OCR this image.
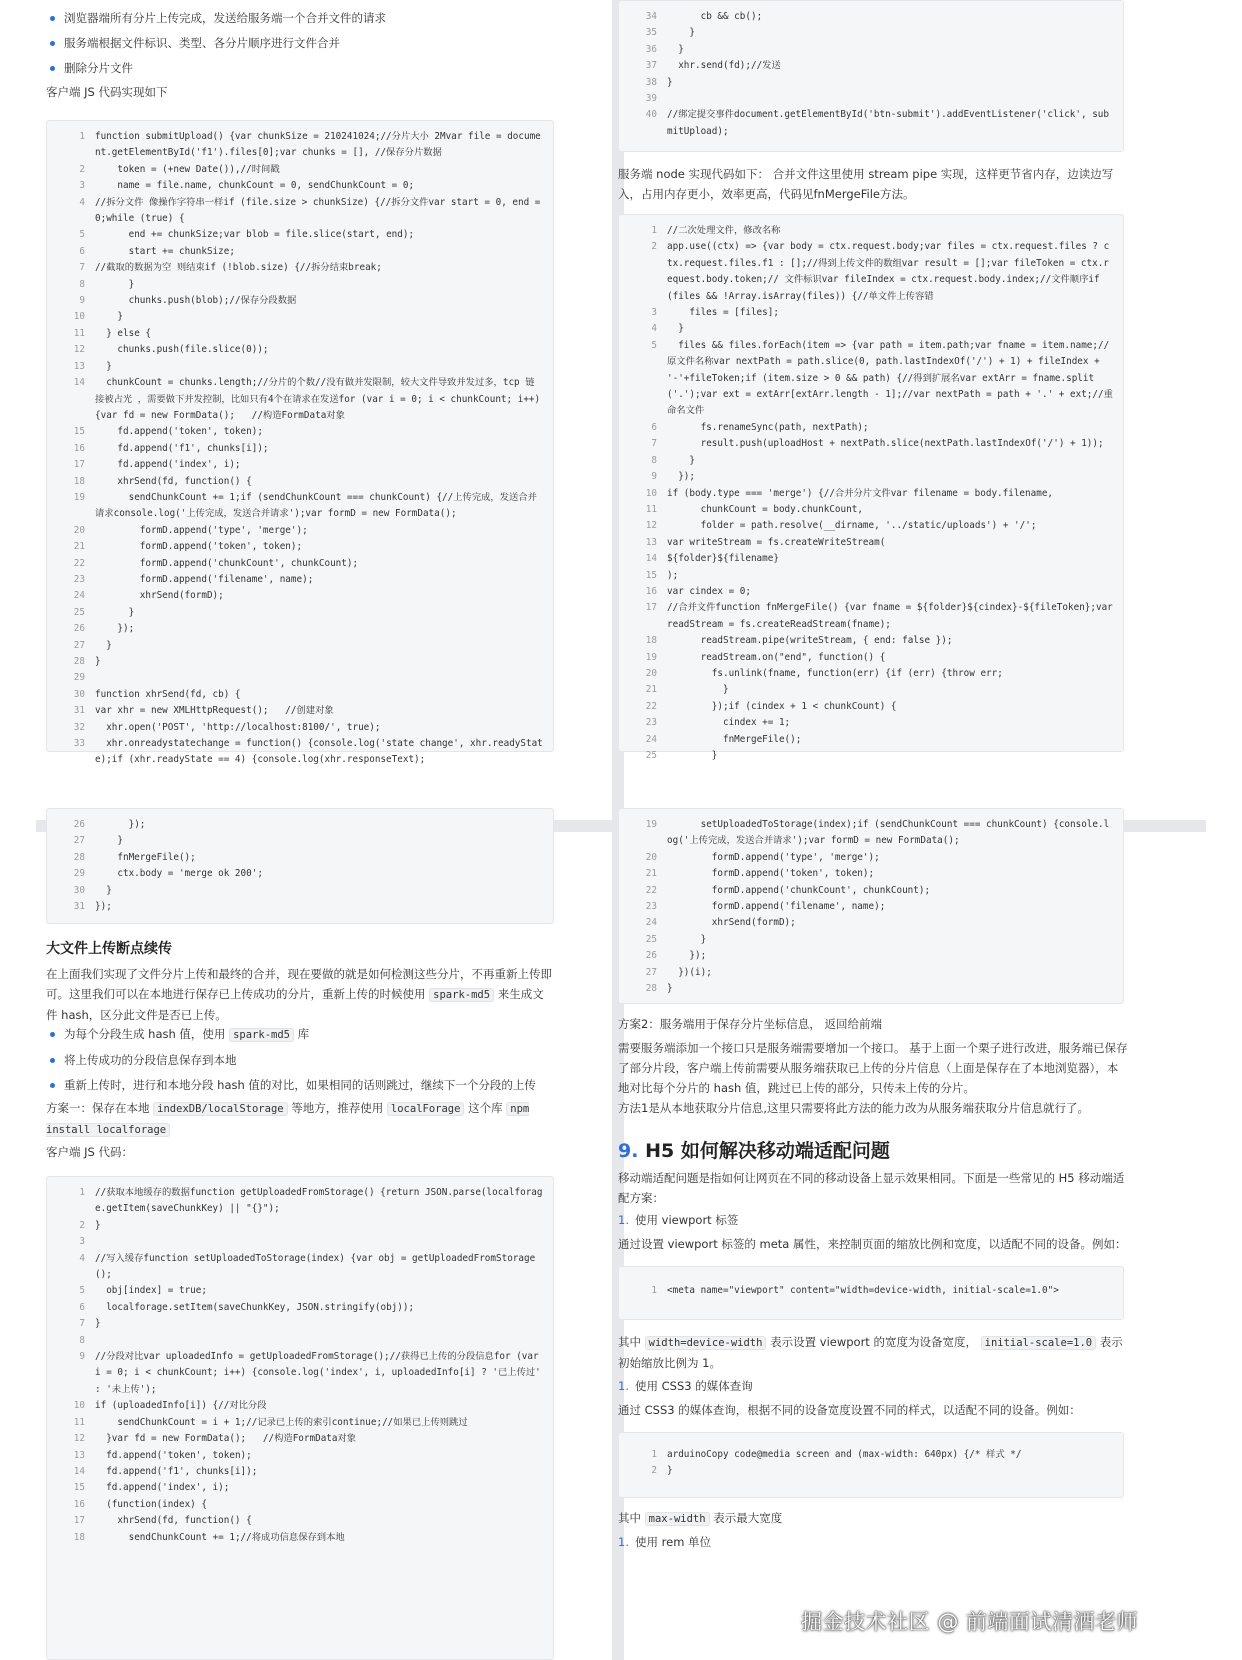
浏览器端所有分片上传完成，发送给服务端一个合并文件的请求
服务端根据文件标识、类型、各分片顺序进行文件合并
删除分片文件

客户端 JS 代码实现如下

1	function submitUpload() {var chunkSize = 210241024;//分片大小 2Mvar file = document.getElementById('f1').files[0];var chunks = [], //保存分片数据
2	token = (+new Date()),//时间戳
3	name = file.name, chunkCount = 0, sendChunkCount = 0;
4	//拆分文件 像操作字符串一样if (file.size > chunkSize) {//拆分文件var start = 0, end = 0;while (true) {
5	end += chunkSize;var blob = file.slice(start, end);
6	start += chunkSize;
7	//截取的数据为空 则结束if (!blob.size) {//拆分结束break;
8	}
9	chunks.push(blob);//保存分段数据
10	}
11	} else {
12	chunks.push(file.slice(0));
13	}
14	chunkCount = chunks.length;//分片的个数//没有做并发限制，较大文件导致并发过多，tcp 链接被占光 ，需要做下并发控制，比如只有4个在请求在发送for (var i = 0; i < chunkCount; i++) {var fd = new FormData();   //构造FormData对象
15	fd.append('token', token);
16	fd.append('f1', chunks[i]);
17	fd.append('index', i);
18	xhrSend(fd, function() {
19	sendChunkCount += 1;if (sendChunkCount === chunkCount) {//上传完成，发送合并请求console.log('上传完成，发送合并请求');var formD = new FormData();
20	formD.append('type', 'merge');
21	formD.append('token', token);
22	formD.append('chunkCount', chunkCount);
23	formD.append('filename', name);
24	xhrSend(formD);
25	}
26	});
27	}
28	}
29
30	function xhrSend(fd, cb) {
31	var xhr = new XMLHttpRequest();   //创建对象
32	xhr.open('POST', 'http://localhost:8100/', true);
33	xhr.onreadystatechange = function() {console.log('state change', xhr.readyState);if (xhr.readyState == 4) {console.log(xhr.responseText);
34	cb && cb();
35	}
36	}
37	xhr.send(fd);//发送
38	}
39
40	//绑定提交事件document.getElementById('btn-submit').addEventListener('click', submitUpload);

服务端 node 实现代码如下： 合并文件这里使用 stream pipe 实现，这样更节省内存，边读边写入，占用内存更小，效率更高，代码见fnMergeFile方法。

1	//二次处理文件，修改名称
2	app.use((ctx) => {var body = ctx.request.body;var files = ctx.request.files ? ctx.request.files.f1 : [];//得到上传文件的数组var result = [];var fileToken = ctx.request.body.token;// 文件标识var fileIndex = ctx.request.body.index;//文件顺序if (files && !Array.isArray(files)) {//单文件上传容错
3	files = [files];
4	}
5	files && files.forEach(item => {var path = item.path;var fname = item.name;//原文件名称var nextPath = path.slice(0, path.lastIndexOf('/') + 1) + fileIndex + '-'+fileToken;if (item.size > 0 && path) {//得到扩展名var extArr = fname.split('.');var ext = extArr[extArr.length - 1];//var nextPath = path + '.' + ext;//重命名文件
6	fs.renameSync(path, nextPath);
7	result.push(uploadHost + nextPath.slice(nextPath.lastIndexOf('/') + 1));
8	}
9	});
10	if (body.type === 'merge') {//合并分片文件var filename = body.filename,
11	chunkCount = body.chunkCount,
12	folder = path.resolve(__dirname, '../static/uploads') + '/';
13	var writeStream = fs.createWriteStream(
14	${folder}${filename}
15	);
16	var cindex = 0;
17	//合并文件function fnMergeFile() {var fname = ${folder}${cindex}-${fileToken};var readStream = fs.createReadStream(fname);
18	readStream.pipe(writeStream, { end: false });
19	readStream.on("end", function() {
20	fs.unlink(fname, function(err) {if (err) {throw err;
21	}
22	});if (cindex + 1 < chunkCount) {
23	cindex += 1;
24	fnMergeFile();
25	}
26	});
27	}
28	fnMergeFile();
29	ctx.body = 'merge ok 200';
30	}
31	});
大文件上传断点续传

在上面我们实现了文件分片上传和最终的合并，现在要做的就是如何检测这些分片，不再重新上传即可。这里我们可以在本地进行保存已上传成功的分片，重新上传的时候使用 spark-md5 来生成文件 hash，区分此文件是否已上传。

为每个分段生成 hash 值，使用 spark-md5 库
将上传成功的分段信息保存到本地
重新上传时，进行和本地分段 hash 值的对比，如果相同的话则跳过，继续下一个分段的上传

方案一：保存在本地 indexDB/localStorage 等地方，推荐使用 localForage 这个库 npm install localforage

客户端 JS 代码：

1	//获取本地缓存的数据function getUploadedFromStorage() {return JSON.parse(localforage.getItem(saveChunkKey) || "{}");
2	}
3
4	//写入缓存function setUploadedToStorage(index) {var obj = getUploadedFromStorage();
5	obj[index] = true;
6	localforage.setItem(saveChunkKey, JSON.stringify(obj));
7	}
8
9	//分段对比var uploadedInfo = getUploadedFromStorage();//获得已上传的分段信息for (var i = 0; i < chunkCount; i++) {console.log('index', i, uploadedInfo[i] ? '已上传过' : '未上传');
10	if (uploadedInfo[i]) {//对比分段
11	sendChunkCount = i + 1;//记录已上传的索引continue;//如果已上传则跳过
12	}var fd = new FormData();   //构造FormData对象
13	fd.append('token', token);
14	fd.append('f1', chunks[i]);
15	fd.append('index', i);
16	(function(index) {
17	xhrSend(fd, function() {
18	sendChunkCount += 1;//将成功信息保存到本地
19	setUploadedToStorage(index);if (sendChunkCount === chunkCount) {console.log('上传完成，发送合并请求');var formD = new FormData();
20	formD.append('type', 'merge');
21	formD.append('token', token);
22	formD.append('chunkCount', chunkCount);
23	formD.append('filename', name);
24	xhrSend(formD);
25	}
26	});
27	})(i);
28	}

方案2：服务端用于保存分片坐标信息， 返回给前端

需要服务端添加一个接口只是服务端需要增加一个接口。 基于上面一个栗子进行改进，服务端已保存了部分片段，客户端上传前需要从服务端获取已上传的分片信息（上面是保存在了本地浏览器），本地对比每个分片的 hash 值，跳过已上传的部分，只传未上传的分片。

方法1是从本地获取分片信息,这里只需要将此方法的能力改为从服务端获取分片信息就行了。

9. H5 如何解决移动端适配问题

移动端适配问题是指如何让网页在不同的移动设备上显示效果相同。下面是一些常见的 H5 移动端适配方案：

1. 使用 viewport 标签

通过设置 viewport 标签的 meta 属性，来控制页面的缩放比例和宽度，以适配不同的设备。例如：

1	<meta name="viewport" content="width=device-width, initial-scale=1.0">

其中 width=device-width 表示设置 viewport 的宽度为设备宽度， initial-scale=1.0 表示初始缩放比例为 1。

1. 使用 CSS3 的媒体查询

通过 CSS3 的媒体查询，根据不同的设备宽度设置不同的样式，以适配不同的设备。例如：

1	arduinoCopy code@media screen and (max-width: 640px) {/* 样式 */
2	}

其中 max-width 表示最大宽度

1. 使用 rem 单位
掘金技术社区 @ 前端面试清酒老师
